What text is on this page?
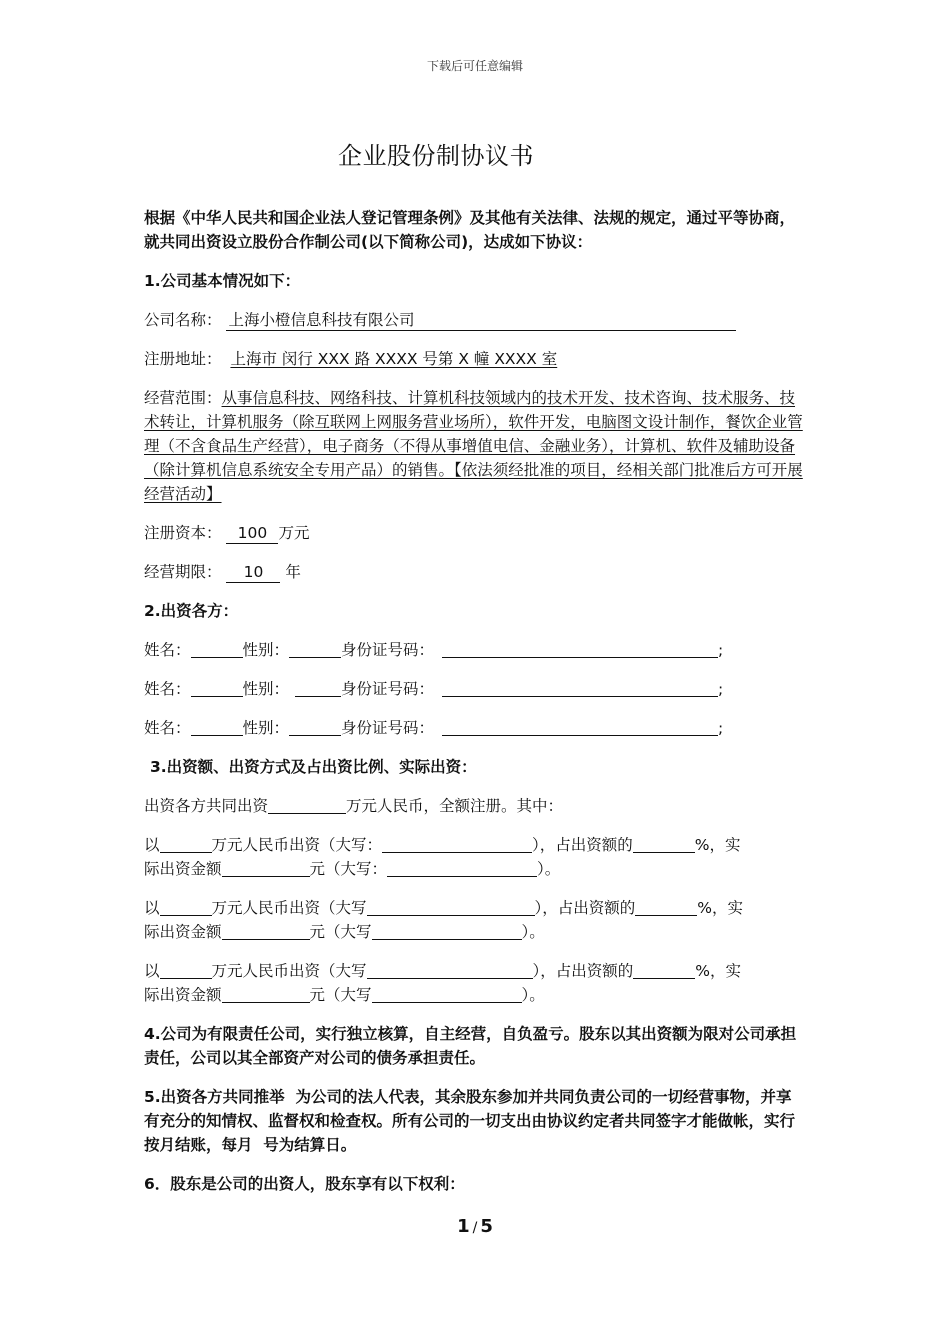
下载后可任意编辑
企业股份制协议书

根据《中华人民共和国企业法人登记管理条例》及其他有关法律、法规的规定，通过平等协商，就共同出资设立股份合作制公司(以下简称公司)，达成如下协议：

1.公司基本情况如下：

公司名称： 上海小橙信息科技有限公司

注册地址： 上海市 闵行 XXX 路 XXXX 号第 X 幢 XXXX 室

经营范围：从事信息科技、网络科技、计算机科技领域内的技术开发、技术咨询、技术服务、技术转让，计算机服务（除互联网上网服务营业场所），软件开发，电脑图文设计制作，餐饮企业管理（不含食品生产经营），电子商务（不得从事增值电信、金融业务），计算机、软件及辅助设备（除计算机信息系统安全专用产品）的销售。【依法须经批准的项目，经相关部门批准后方可开展经营活动】

注册资本： 100 万元

经营期限： 10 年

2.出资各方：

姓名：	性别：	身份证号码：	;

姓名：	性别：	身份证号码：	;

姓名：	性别：	身份证号码：	;

3.出资额、出资方式及占出资比例、实际出资：

出资各方共同出资	万元人民币，全额注册。其中：

以	万元人民币出资（大写：	），占出资额的	%，实
际出资金额	元（大写：	）。

以	万元人民币出资（大写	），占出资额的	%，实
际出资金额	元（大写	）。

以	万元人民币出资（大写	），占出资额的	%，实
际出资金额	元（大写	）。

4.公司为有限责任公司，实行独立核算，自主经营，自负盈亏。股东以其出资额为限对公司承担责任，公司以其全部资产对公司的债务承担责任。

5.出资各方共同推举  为公司的法人代表，其余股东参加并共同负责公司的一切经营事物，并享有充分的知情权、监督权和检查权。所有公司的一切支出由协议约定者共同签字才能做帐，实行按月结账，每月  号为结算日。

6．股东是公司的出资人，股东享有以下权利：

1 / 5
